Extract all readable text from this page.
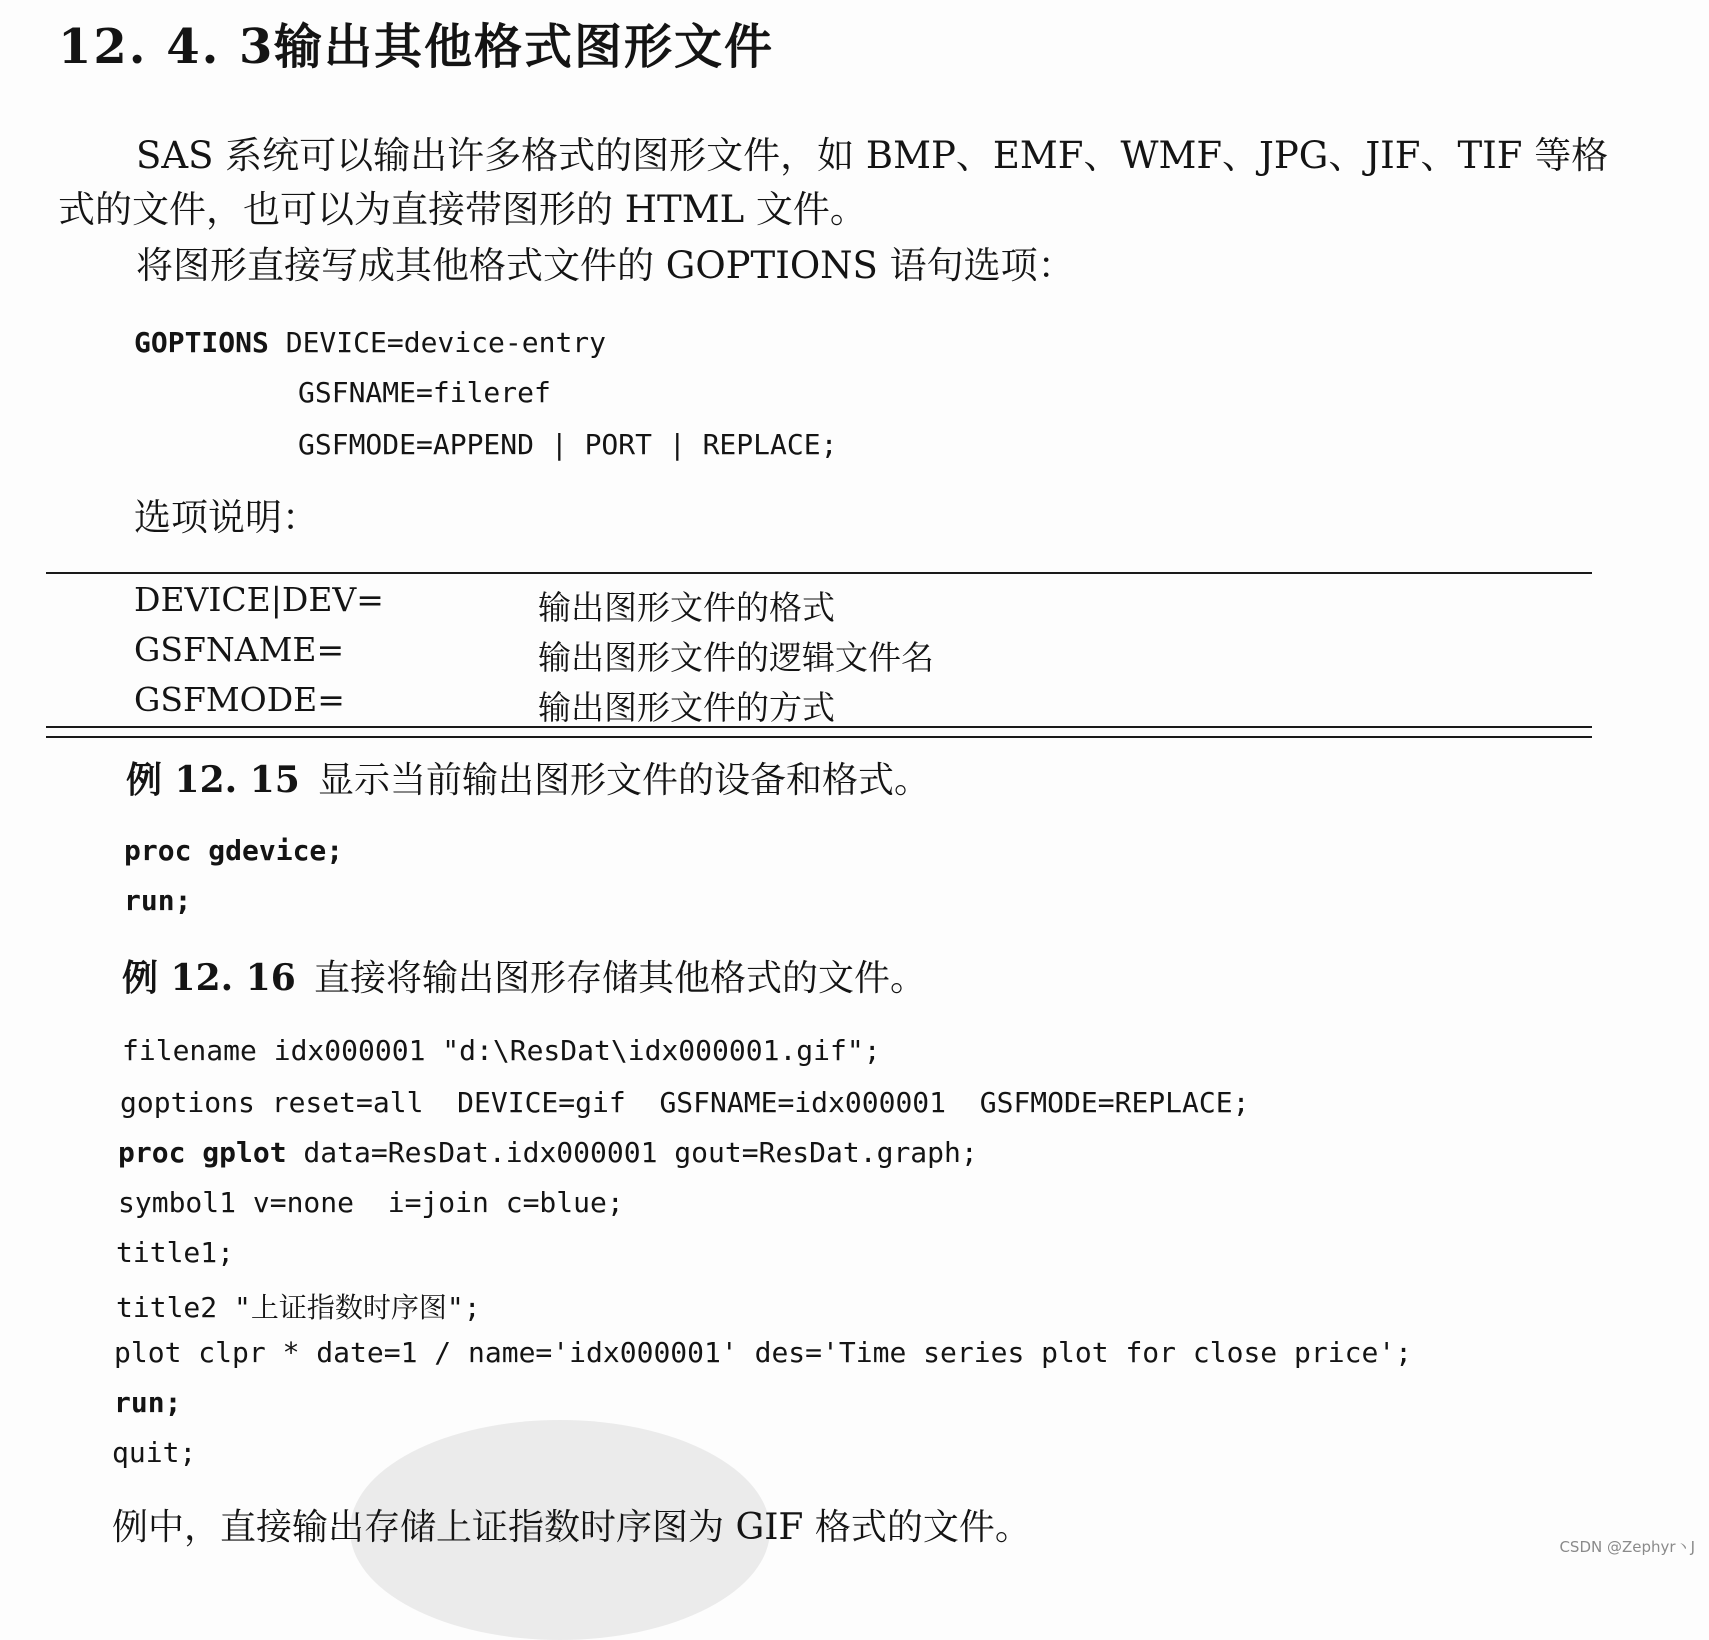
12. 4. 3输出其他格式图形文件

SAS 系统可以输出许多格式的图形文件，如 BMP、EMF、WMF、JPG、JIF、TIF 等格

式的文件，也可以为直接带图形的 HTML 文件。

将图形直接写成其他格式文件的 GOPTIONS 语句选项：

GOPTIONS DEVICE=device-entry
GSFNAME=fileref
GSFMODE=APPEND | PORT | REPLACE;

选项说明：

DEVICE|DEV=	输出图形文件的格式
GSFNAME=	输出图形文件的逻辑文件名
GSFMODE=	输出图形文件的方式

例 12. 15 显示当前输出图形文件的设备和格式。

proc gdevice;
run;

例 12. 16 直接将输出图形存储其他格式的文件。

filename idx000001 "d:\ResDat\idx000001.gif";
goptions reset=all  DEVICE=gif  GSFNAME=idx000001  GSFMODE=REPLACE;
proc gplot data=ResDat.idx000001 gout=ResDat.graph;
symbol1 v=none  i=join c=blue;
title1;
title2 "上证指数时序图";
plot clpr * date=1 / name='idx000001' des='Time series plot for close price';
run;
quit;

例中，直接输出存储上证指数时序图为 GIF 格式的文件。	CSDN @Zephyr丶J
